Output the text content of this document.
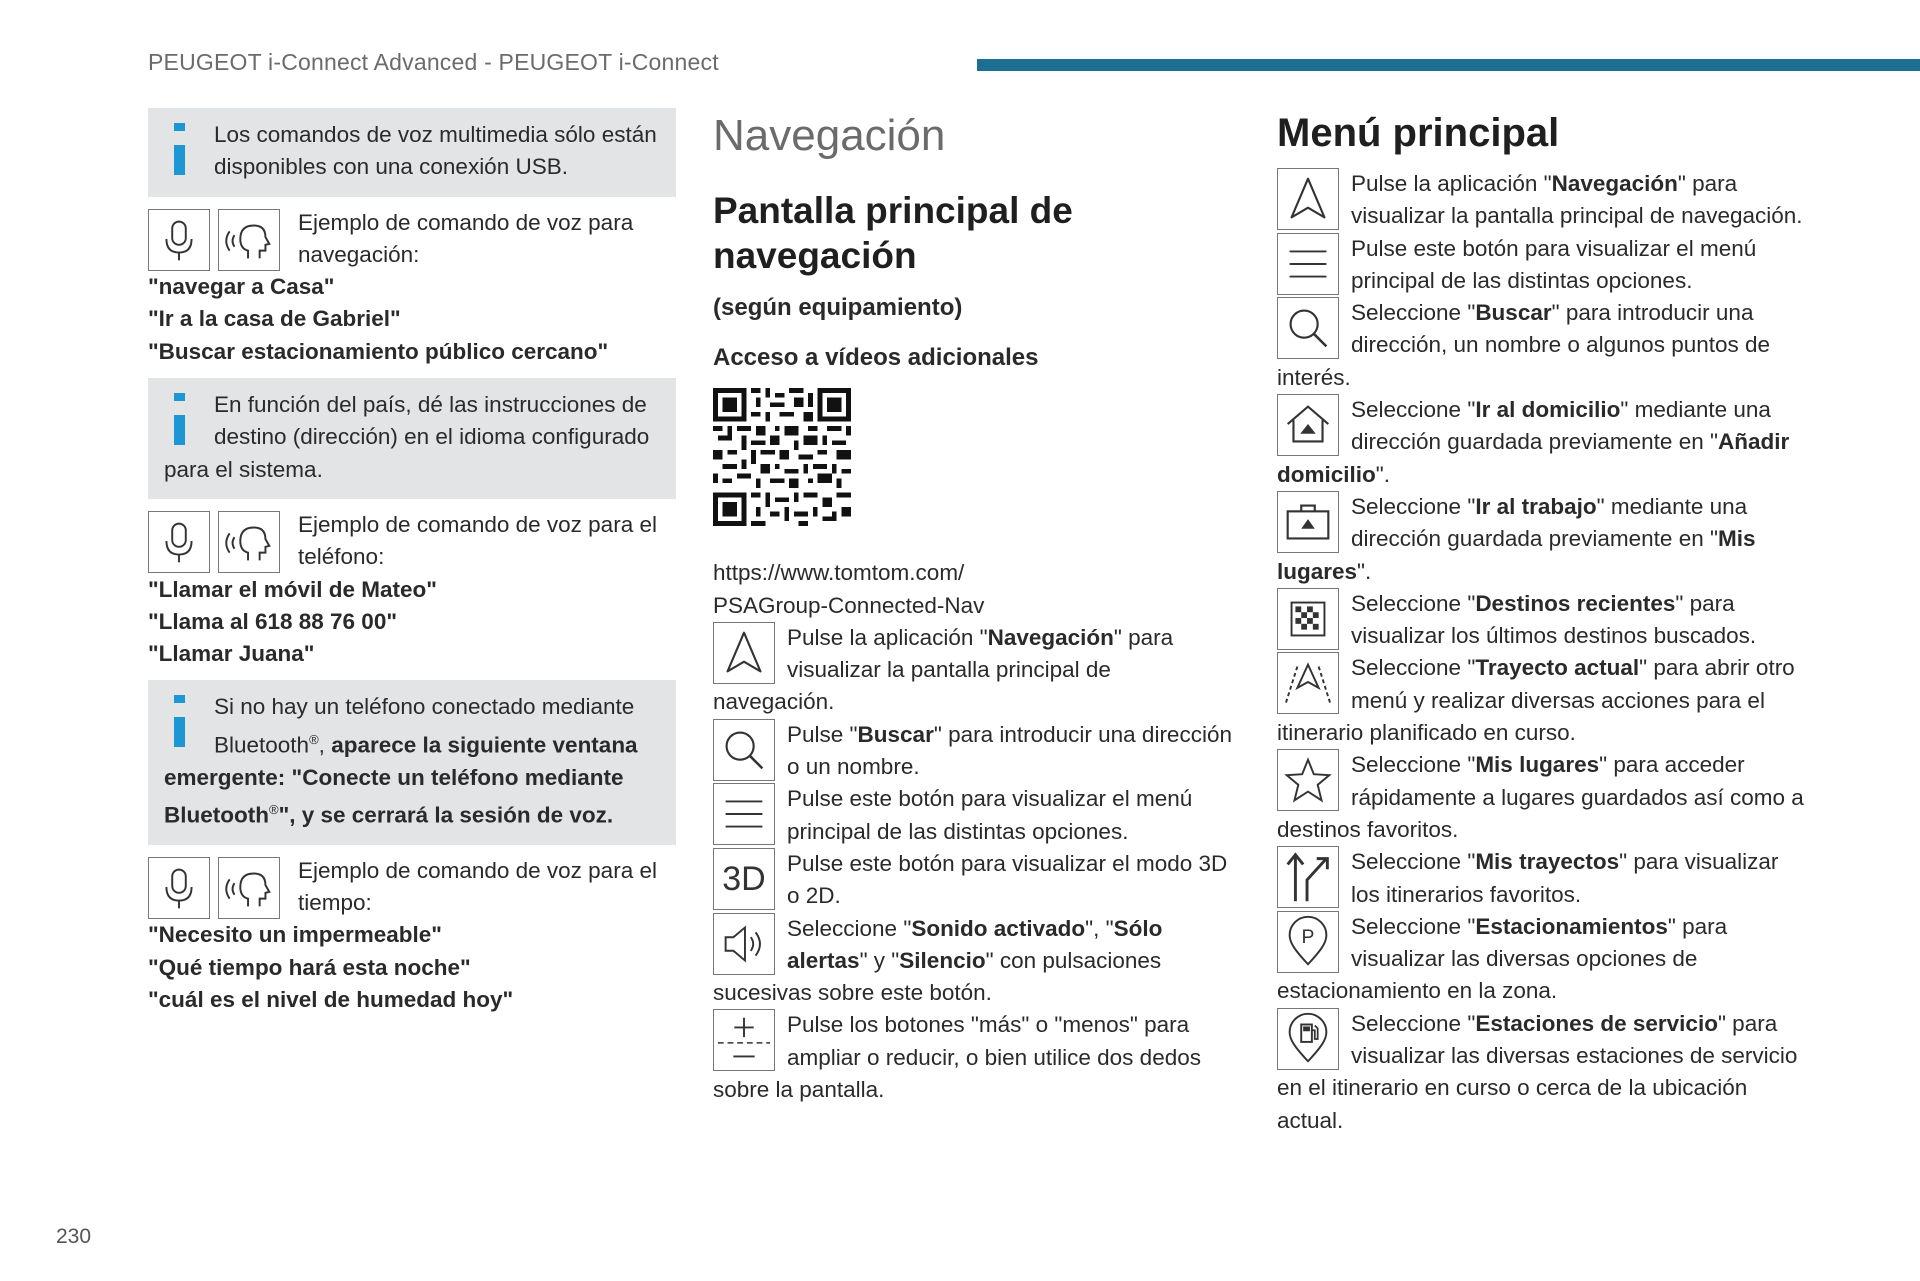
PEUGEOT i-Connect Advanced - PEUGEOT i-Connect
230

Los comandos de voz multimedia sólo están disponibles con una conexión USB.

Ejemplo de comando de voz para navegación:

"navegar a Casa"

"Ir a la casa de Gabriel"

"Buscar estacionamiento público cercano"

En función del país, dé las instrucciones de destino (dirección) en el idioma configurado para el sistema.

Ejemplo de comando de voz para el teléfono:

"Llamar el móvil de Mateo"

"Llama al 618 88 76 00"

"Llamar Juana"

Si no hay un teléfono conectado mediante Bluetooth®, aparece la siguiente ventana emergente: "Conecte un teléfono mediante Bluetooth®", y se cerrará la sesión de voz.

Ejemplo de comando de voz para el tiempo:

"Necesito un impermeable"

"Qué tiempo hará esta noche"

"cuál es el nivel de humedad hoy"

Navegación
Pantalla principal de navegación
(según equipamiento)
Acceso a vídeos adicionales

https://www.tomtom.com/

PSAGroup-Connected-Nav

Pulse la aplicación "Navegación" para visualizar la pantalla principal de navegación.

Pulse "Buscar" para introducir una dirección o un nombre.

Pulse este botón para visualizar el menú principal de las distintas opciones.

3D Pulse este botón para visualizar el modo 3D o 2D.

Seleccione "Sonido activado", "Sólo alertas" y "Silencio" con pulsaciones sucesivas sobre este botón.

Pulse los botones "más" o "menos" para ampliar o reducir, o bien utilice dos dedos sobre la pantalla.

Menú principal

Pulse la aplicación "Navegación" para visualizar la pantalla principal de navegación.

Pulse este botón para visualizar el menú principal de las distintas opciones.

Seleccione "Buscar" para introducir una dirección, un nombre o algunos puntos de interés.

Seleccione "Ir al domicilio" mediante una dirección guardada previamente en "Añadir domicilio".

Seleccione "Ir al trabajo" mediante una dirección guardada previamente en "Mis lugares".

Seleccione "Destinos recientes" para visualizar los últimos destinos buscados.

Seleccione "Trayecto actual" para abrir otro menú y realizar diversas acciones para el itinerario planificado en curso.

Seleccione "Mis lugares" para acceder rápidamente a lugares guardados así como a destinos favoritos.

Seleccione "Mis trayectos" para visualizar los itinerarios favoritos.

P	Seleccione "Estacionamientos" para visualizar las diversas opciones de estacionamiento en la zona.

Seleccione "Estaciones de servicio" para visualizar las diversas estaciones de servicio en el itinerario en curso o cerca de la ubicación actual.
